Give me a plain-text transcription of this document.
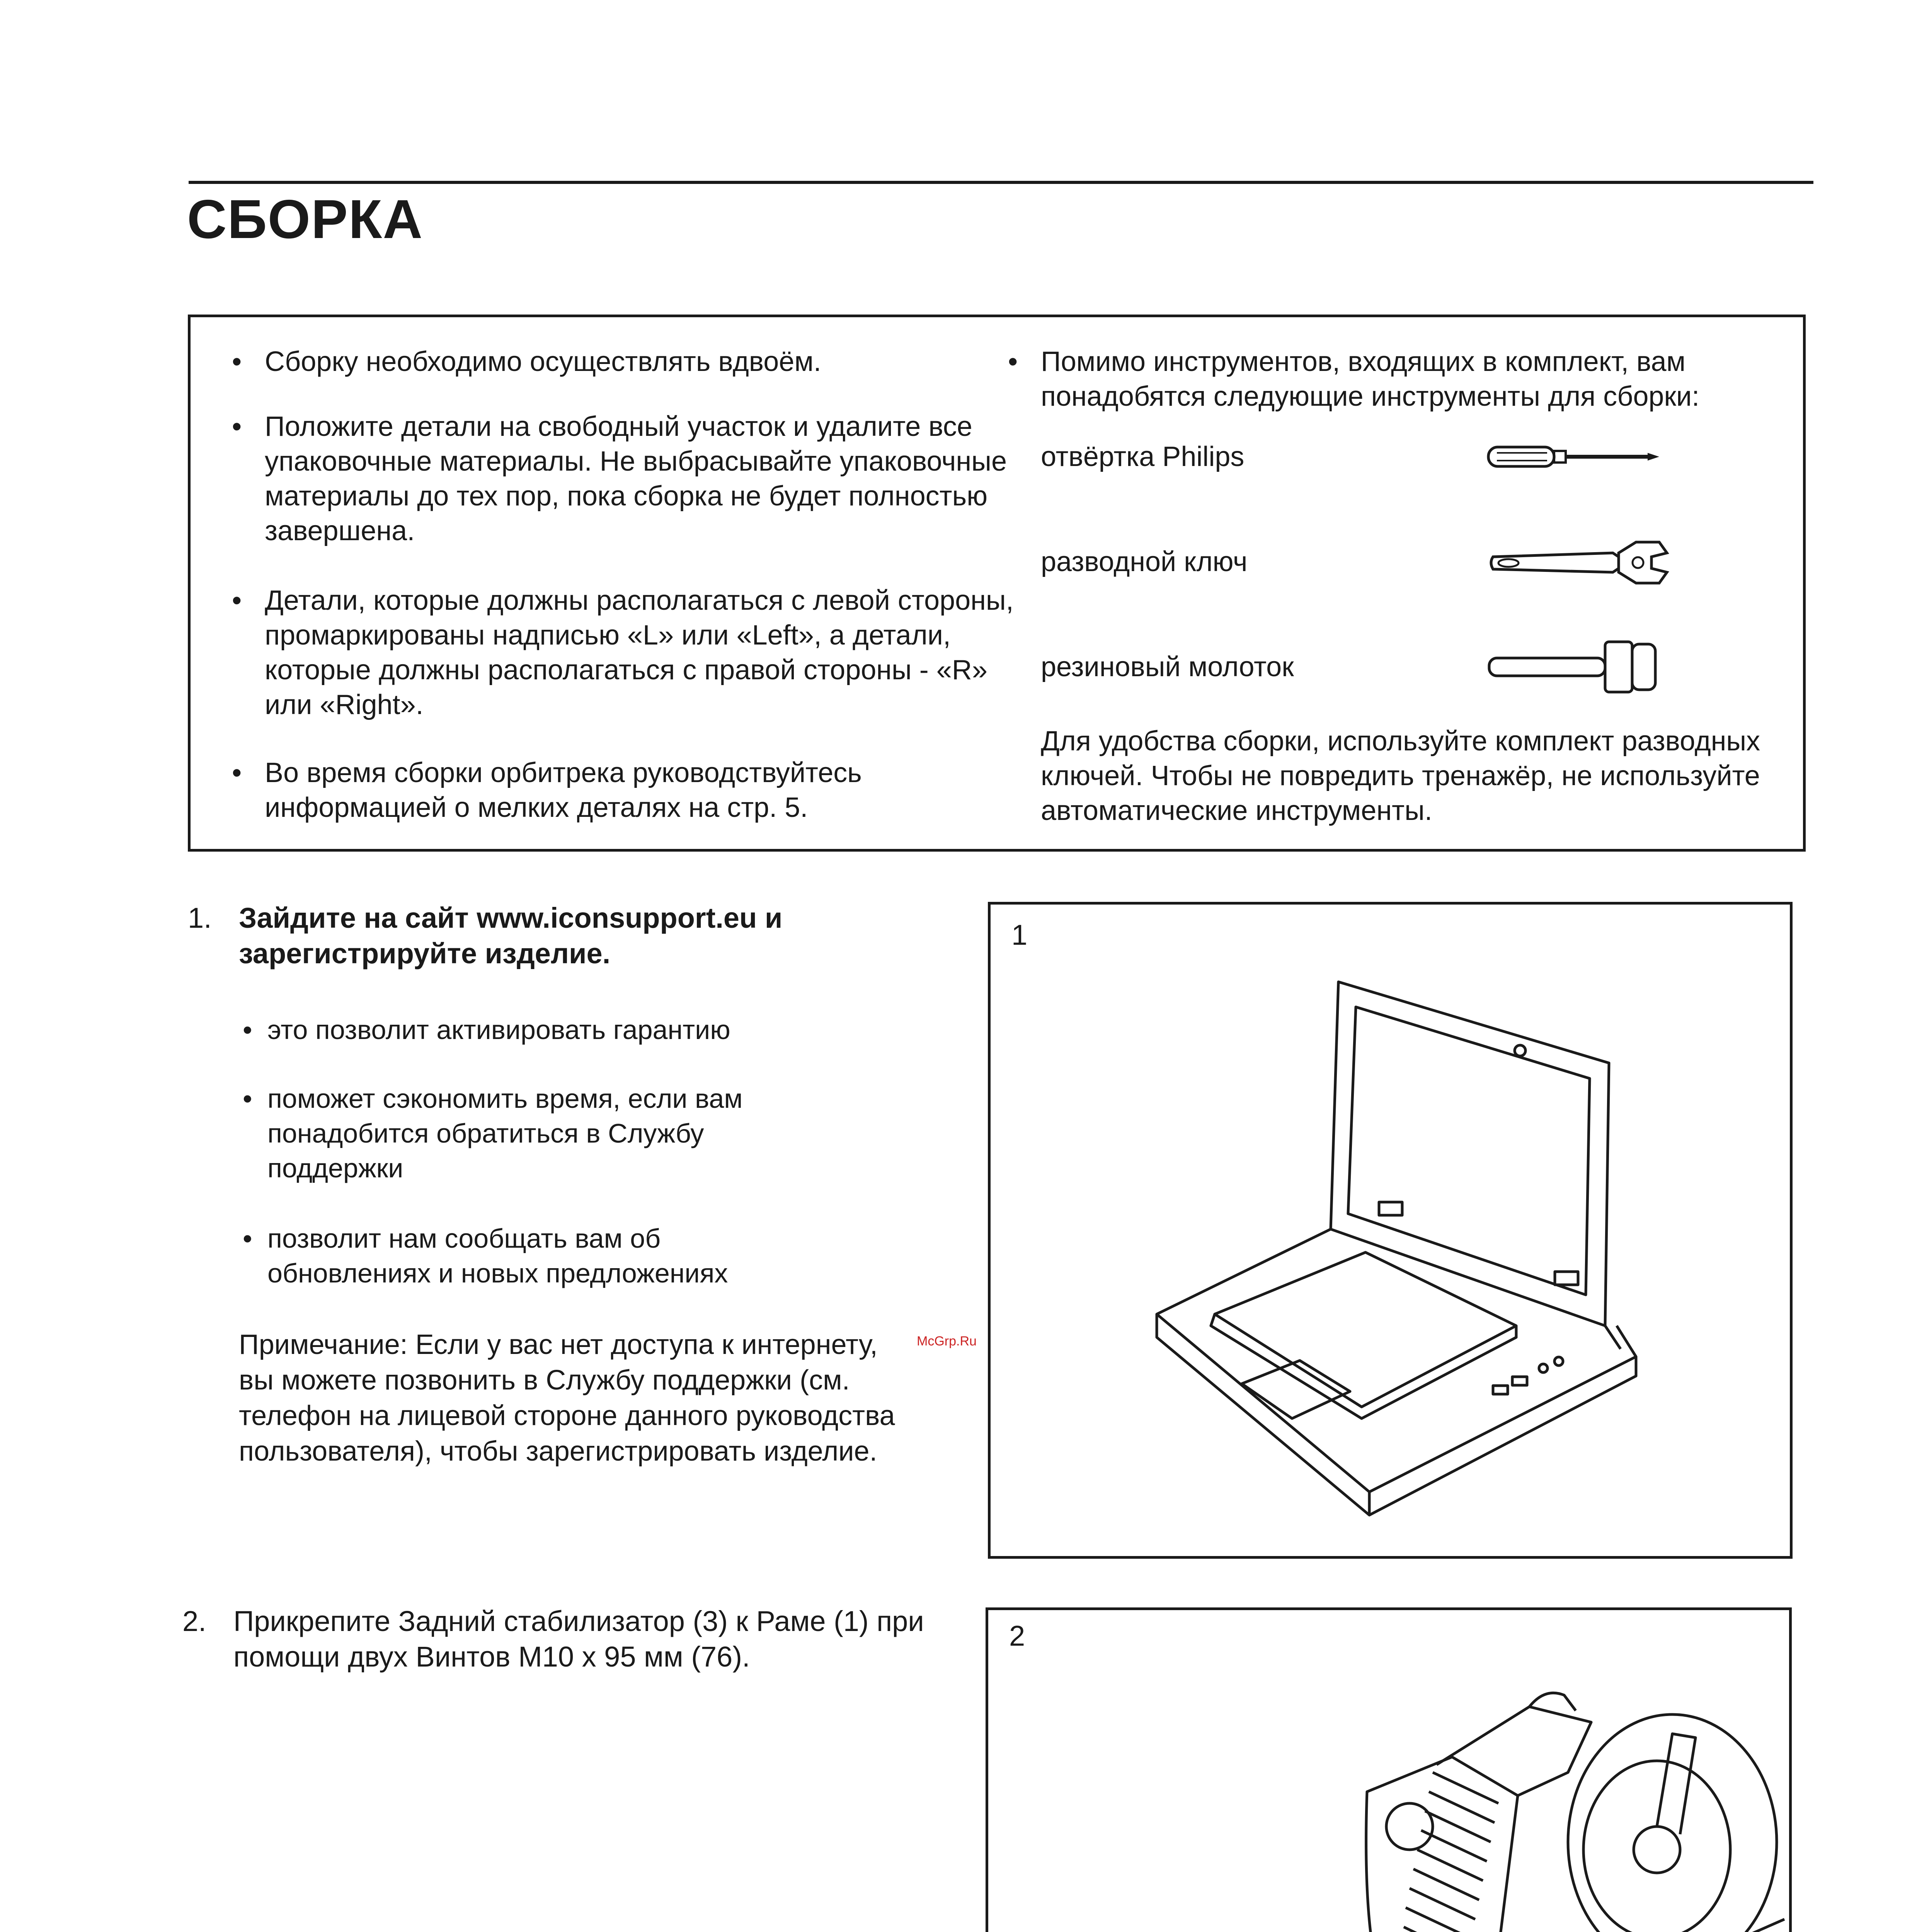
СБОРКА

• Сборку необходимо осуществлять вдвоём.

• Положите детали на свободный участок и удалите все упаковочные материалы. Не выбрасывайте упаковочные материалы до тех пор, пока сборка не будет полностью завершена.

• Детали, которые должны располагаться с левой стороны, промаркированы надписью «L» или «Left», а детали, которые должны располагаться с правой стороны - «R» или «Right».

• Во время сборки орбитрека руководствуйтесь информацией о мелких деталях на стр. 5.

• Помимо инструментов, входящих в комплект, вам понадобятся следующие инструменты для сборки:

отвёртка Philips
разводной ключ
резиновый молоток

Для удобства сборки, используйте комплект разводных ключей. Чтобы не повредить тренажёр, не используйте автоматические инструменты.

1. Зайдите на сайт www.iconsupport.eu и зарегистрируйте изделие.

• это позволит активировать гарантию

• поможет сэкономить время, если вам понадобится обратиться в Службу поддержки

• позволит нам сообщать вам об обновлениях и новых предложениях

Примечание: Если у вас нет доступа к интернету, вы можете позвонить в Службу поддержки (см. телефон на лицевой стороне данного руководства пользователя), чтобы зарегистрировать изделие.

McGrp.Ru
1
2. Прикрепите Задний стабилизатор (3) к Раме (1) при помощи двух Винтов M10 x 95 мм (76).

2
